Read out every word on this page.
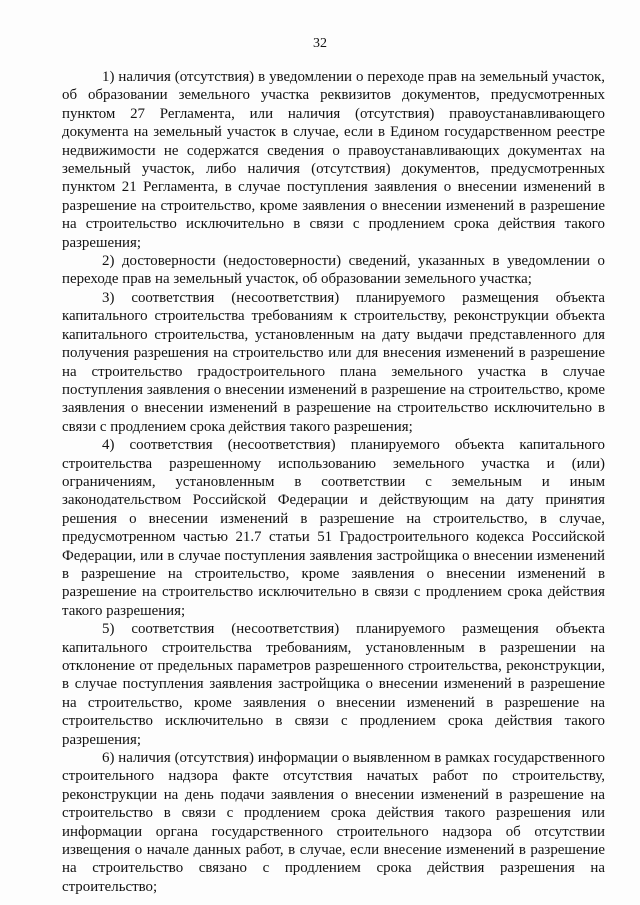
32

1) наличия (отсутствия) в уведомлении о переходе прав на земельный участок, об образовании земельного участка реквизитов документов, предусмотренных пунктом 27 Регламента, или наличия (отсутствия) правоустанавливающего документа на земельный участок в случае, если в Едином государственном реестре недвижимости не содержатся сведения о правоустанавливающих документах на земельный участок, либо наличия (отсутствия) документов, предусмотренных пунктом 21 Регламента, в случае поступления заявления о внесении изменений в разрешение на строительство, кроме заявления о внесении изменений в разрешение на строительство исключительно в связи с продлением срока действия такого разрешения;

2) достоверности (недостоверности) сведений, указанных в уведомлении о переходе прав на земельный участок, об образовании земельного участка;

3) соответствия (несоответствия) планируемого размещения объекта капитального строительства требованиям к строительству, реконструкции объекта капитального строительства, установленным на дату выдачи представленного для получения разрешения на строительство или для внесения изменений в разрешение на строительство градостроительного плана земельного участка в случае поступления заявления о внесении изменений в разрешение на строительство, кроме заявления о внесении изменений в разрешение на строительство исключительно в связи с продлением срока действия такого разрешения;

4) соответствия (несоответствия) планируемого объекта капитального строительства разрешенному использованию земельного участка и (или) ограничениям, установленным в соответствии с земельным и иным законодательством Российской Федерации и действующим на дату принятия решения о внесении изменений в разрешение на строительство, в случае, предусмотренном частью 21.7 статьи 51 Градостроительного кодекса Российской Федерации, или в случае поступления заявления застройщика о внесении изменений в разрешение на строительство, кроме заявления о внесении изменений в разрешение на строительство исключительно в связи с продлением срока действия такого разрешения;

5) соответствия (несоответствия) планируемого размещения объекта капитального строительства требованиям, установленным в разрешении на отклонение от предельных параметров разрешенного строительства, реконструкции, в случае поступления заявления застройщика о внесении изменений в разрешение на строительство, кроме заявления о внесении изменений в разрешение на строительство исключительно в связи с продлением срока действия такого разрешения;

6) наличия (отсутствия) информации о выявленном в рамках государственного строительного надзора факте отсутствия начатых работ по строительству, реконструкции на день подачи заявления о внесении изменений в разрешение на строительство в связи с продлением срока действия такого разрешения или информации органа государственного строительного надзора об отсутствии извещения о начале данных работ, в случае, если внесение изменений в разрешение на строительство связано с продлением срока действия разрешения на строительство;
